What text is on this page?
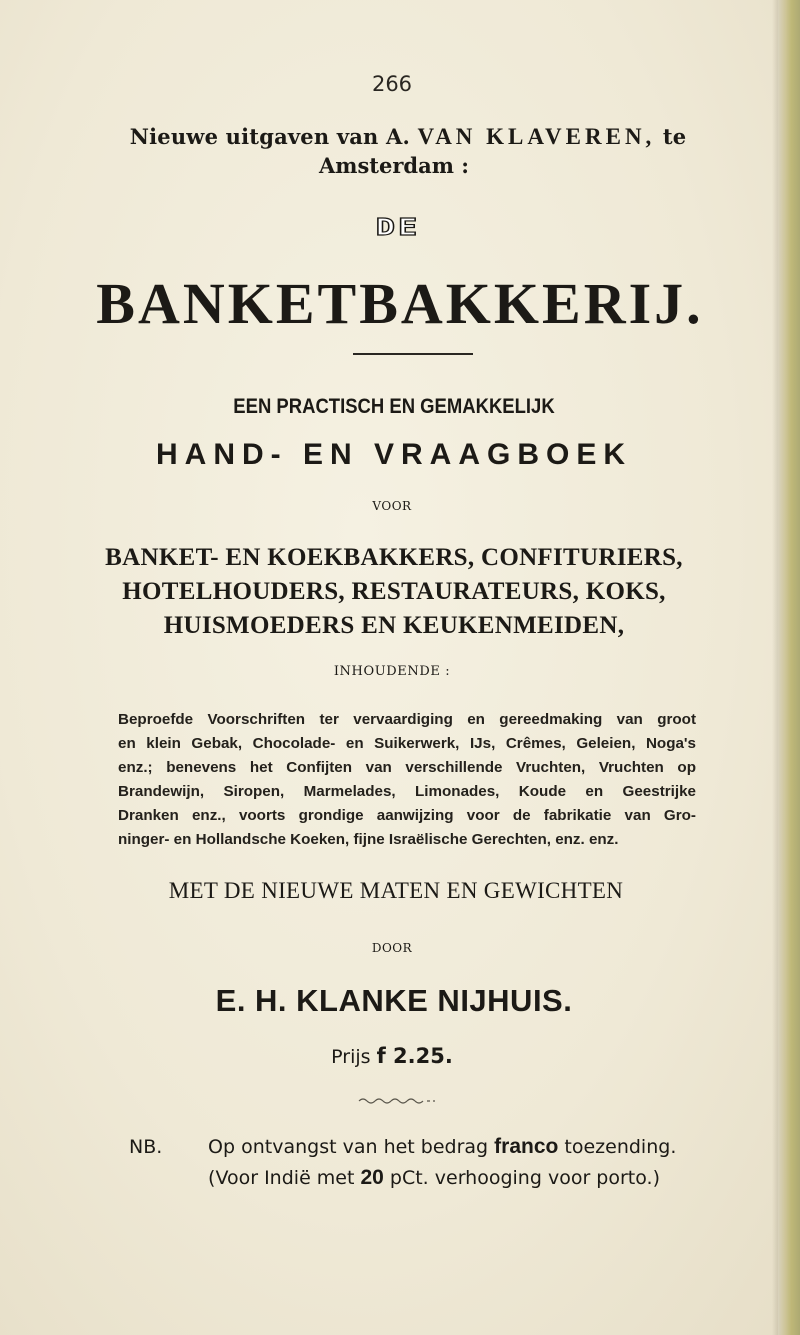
266
Nieuwe uitgaven van A. VAN KLAVEREN, te
Amsterdam :
DE
BANKETBAKKERIJ.
EEN PRACTISCH EN GEMAKKELIJK
HAND- EN VRAAGBOEK
VOOR
BANKET- EN KOEKBAKKERS, CONFITURIERS,
HOTELHOUDERS, RESTAURATEURS, KOKS,
HUISMOEDERS EN KEUKENMEIDEN,
INHOUDENDE :
Beproefde Voorschriften ter vervaardiging en gereedmaking van groot
en klein Gebak, Chocolade- en Suikerwerk, IJs, Crêmes, Geleien, Noga's
enz.; benevens het Confijten van verschillende Vruchten, Vruchten op
Brandewijn, Siropen, Marmelades, Limonades, Koude en Geestrijke
Dranken enz., voorts grondige aanwijzing voor de fabrikatie van Gro-
ninger- en Hollandsche Koeken, fijne Israëlische Gerechten, enz. enz.
MET DE NIEUWE MATEN EN GEWICHTEN
DOOR
E. H. KLANKE NIJHUIS.
Prijs f 2.25.
NB. Op ontvangst van het bedrag franco toezending.
(Voor Indië met 20 pCt. verhooging voor porto.)
